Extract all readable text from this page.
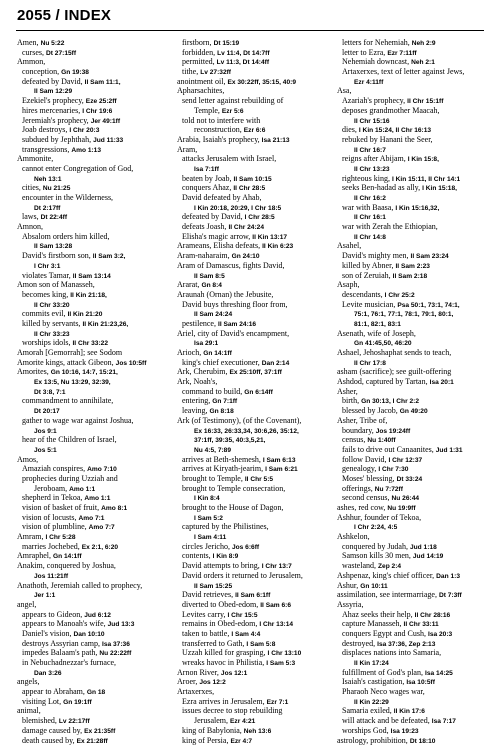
2055 / INDEX
Amen, Nu 5:22
curses, Dt 27:15ff
Ammon,
conception, Gn 19:38
defeated by David, II Sam 11:1,
II Sam 12:29
Ezekiel's prophecy, Eze 25:2ff
hires mercenaries, I Chr 19:6
Jeremiah's prophecy, Jer 49:1ff
Joab destroys, I Chr 20:3
subdued by Jephthah, Jud 11:33
transgressions, Amo 1:13
Ammonite,
cannot enter Congregation of God,
Neh 13:1
cities, Nu 21:25
encounter in the Wilderness,
Dt 2:17ff
laws, Dt 22:4ff
Amnon,
Absalom orders him killed,
II Sam 13:28
David's firstborn son, II Sam 3:2,
I Chr 3:1
violates Tamar, II Sam 13:14
Amon son of Manasseh,
becomes king, II Kin 21:18,
II Chr 33:20
commits evil, II Kin 21:20
killed by servants, II Kin 21:23,26,
II Chr 33:23
worships idols, II Chr 33:22
Amorah [Gemorrah]; see Sodom
Amorite kings, attack Gibeon, Jos 10:5ff
Amorites, Gn 10:16, 14:7, 15:21,
Ex 13:5, Nu 13:29, 32:39,
Dt 3:8, 7:1
commandment to annihilate,
Dt 20:17
gather to wage war against Joshua,
Jos 9:1
hear of the Children of Israel,
Jos 5:1
Amos,
Amaziah conspires, Amo 7:10
prophecies during Uzziah and
Jeroboam, Amo 1:1
shepherd in Tekoa, Amo 1:1
vision of basket of fruit, Amo 8:1
vision of locusts, Amo 7:1
vision of plumbline, Amo 7:7
Amram, I Chr 5:28
marries Jochebed, Ex 2:1, 6:20
Amraphel, Gn 14:1ff
Anakim, conquered by Joshua,
Jos 11:21ff
Anathoth, Jeremiah called to prophecy,
Jer 1:1
angel,
appears to Gideon, Jud 6:12
appears to Manoah's wife, Jud 13:3
Daniel's vision, Dan 10:10
destroys Assyrian camp, Isa 37:36
impedes Balaam's path, Nu 22:22ff
in Nebuchadnezzar's furnace,
Dan 3:26
angels,
appear to Abraham, Gn 18
visiting Lot, Gn 19:1ff
animal,
blemished, Lv 22:17ff
damage caused by, Ex 21:35ff
death caused by, Ex 21:28ff
firstborn, Dt 15:19
forbidden, Lv 11:4, Dt 14:7ff
permitted, Lv 11:3, Dt 14:4ff
tithe, Lv 27:32ff
anointment oil, Ex 30:22ff, 35:15, 40:9
Apharsachites,
send letter against rebuilding of
Temple, Ezr 5:6
told not to interfere with
reconstruction, Ezr 6:6
Arabia, Isaiah's prophecy, Isa 21:13
Aram,
attacks Jerusalem with Israel,
Isa 7:1ff
beaten by Joab, II Sam 10:15
conquers Ahaz, II Chr 28:5
David defeated by Ahab,
I Kin 20:18, 20:29, I Chr 18:5
defeated by David, I Chr 28:5
defeats Joash, II Chr 24:24
Elisha's magic arrow, II Kin 13:17
Arameans, Elisha defeats, II Kin 6:23
Aram-naharaim, Gn 24:10
Aram of Damascus, fights David,
II Sam 8:5
Ararat, Gn 8:4
Araunah (Ornan) the Jebusite,
David buys threshing floor from,
II Sam 24:24
pestilence, II Sam 24:16
Ariel, city of David's encampment,
Isa 29:1
Arioch, Gn 14:1ff
king's chief executioner, Dan 2:14
Ark, Cherubim, Ex 25:10ff, 37:1ff
Ark, Noah's,
command to build, Gn 6:14ff
entering, Gn 7:1ff
leaving, Gn 8:18
Ark (of Testimony), (of the Covenant),
Ex 16:33, 26:33,34, 30:6,26, 35:12,
37:1ff, 39:35, 40:3,5,21,
Nu 4:5, 7:89
arrives at Beth-shemesh, I Sam 6:13
arrives at Kiryath-jearim, I Sam 6:21
brought to Temple, II Chr 5:5
brought to Temple consecration,
I Kin 8:4
brought to the House of Dagon,
I Sam 5:2
captured by the Philistines,
I Sam 4:11
circles Jericho, Jos 6:6ff
contents, I Kin 8:9
David attempts to bring, I Chr 13:7
David orders it returned to Jerusalem,
II Sam 15:25
David retrieves, II Sam 6:1ff
diverted to Obed-edom, II Sam 6:6
Levites carry, I Chr 15:5
remains in Obed-edom, I Chr 13:14
taken to battle, I Sam 4:4
transferred to Gath, I Sam 5:8
Uzzah killed for grasping, I Chr 13:10
wreaks havoc in Philistia, I Sam 5:3
Arnon River, Jos 12:1
Aroer, Jos 12:2
Artaxerxes,
Ezra arrives in Jerusalem, Ezr 7:1
issues decree to stop rebuilding
Jerusalem, Ezr 4:21
king of Babylonia, Neh 13:6
king of Persia, Ezr 4:7
letters for Nehemiah, Neh 2:9
letter to Ezra, Ezr 7:11ff
Nehemiah downcast, Neh 2:1
Artaxerxes, text of letter against Jews,
Ezr 4:11ff
Asa,
Azariah's prophecy, II Chr 15:1ff
deposes grandmother Maacah,
II Chr 15:16
dies, I Kin 15:24, II Chr 16:13
rebuked by Hanani the Seer,
II Chr 16:7
reigns after Abijam, I Kin 15:8,
II Chr 13:23
righteous king, I Kin 15:11, II Chr 14:1
seeks Ben-hadad as ally, I Kin 15:18,
II Chr 16:2
war with Baasa, I Kin 15:16,32,
II Chr 16:1
war with Zerah the Ethiopian,
II Chr 14:8
Asahel,
David's mighty men, II Sam 23:24
killed by Abner, II Sam 2:23
son of Zeruiah, II Sam 2:18
Asaph,
descendants, I Chr 25:2
Levite musician, Psa 50:1, 73:1, 74:1,
75:1, 76:1, 77:1, 78:1, 79:1, 80:1,
81:1, 82:1, 83:1
Asenath, wife of Joseph,
Gn 41:45,50, 46:20
Ashael, Jehoshaphat sends to teach,
II Chr 17:8
asham (sacrifice); see guilt-offering
Ashdod, captured by Tartan, Isa 20:1
Asher,
birth, Gn 30:13, I Chr 2:2
blessed by Jacob, Gn 49:20
Asher, Tribe of,
boundary, Jos 19:24ff
census, Nu 1:40ff
fails to drive out Canaanites, Jud 1:31
follow David, I Chr 12:37
genealogy, I Chr 7:30
Moses' blessing, Dt 33:24
offerings, Nu 7:72ff
second census, Nu 26:44
ashes, red cow, Nu 19:9ff
Ashhur, founder of Tekoa,
I Chr 2:24, 4:5
Ashkelon,
conquered by Judah, Jud 1:18
Samson kills 30 men, Jud 14:19
wasteland, Zep 2:4
Ashpenaz, king's chief officer, Dan 1:3
Ashur, Gn 10:11
assimilation, see intermarriage, Dt 7:3ff
Assyria,
Ahaz seeks their help, II Chr 28:16
capture Manasseh, II Chr 33:11
conquers Egypt and Cush, Isa 20:3
destroyed, Isa 37:36, Zep 2:13
displaces nations into Samaria,
II Kin 17:24
fulfillment of God's plan, Isa 14:25
Isaiah's castigation, Isa 10:5ff
Pharaoh Neco wages war,
II Kin 22:29
Samaria exiled, II Kin 17:6
will attack and be defeated, Isa 7:17
worships God, Isa 19:23
astrology, prohibition, Dt 18:10
